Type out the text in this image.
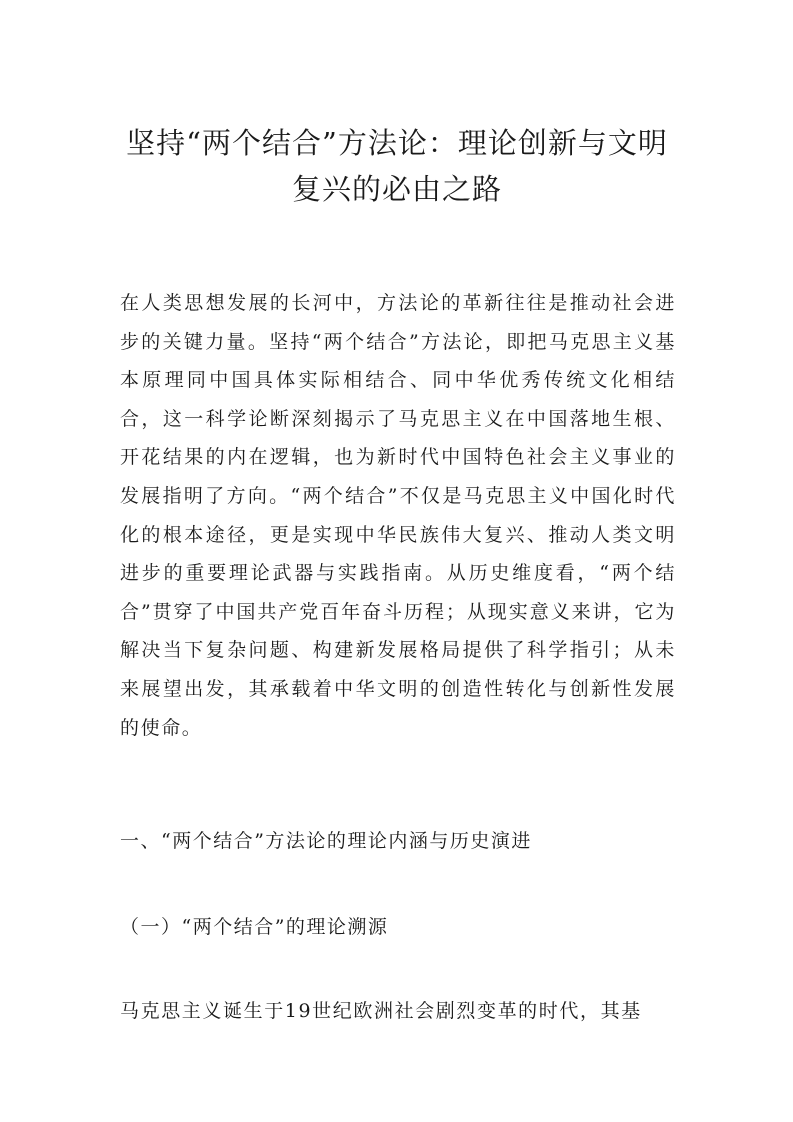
坚持“两个结合”方法论：理论创新与文明复兴的必由之路

在人类思想发展的长河中，方法论的革新往往是推动社会进步的关键力量。坚持“两个结合”方法论，即把马克思主义基本原理同中国具体实际相结合、同中华优秀传统文化相结合，这一科学论断深刻揭示了马克思主义在中国落地生根、开花结果的内在逻辑，也为新时代中国特色社会主义事业的发展指明了方向。“两个结合”不仅是马克思主义中国化时代化的根本途径，更是实现中华民族伟大复兴、推动人类文明进步的重要理论武器与实践指南。从历史维度看，“两个结合”贯穿了中国共产党百年奋斗历程；从现实意义来讲，它为解决当下复杂问题、构建新发展格局提供了科学指引；从未来展望出发，其承载着中华文明的创造性转化与创新性发展的使命。

一、“两个结合”方法论的理论内涵与历史演进

（一）“两个结合”的理论溯源

马克思主义诞生于19世纪欧洲社会剧烈变革的时代，其基
